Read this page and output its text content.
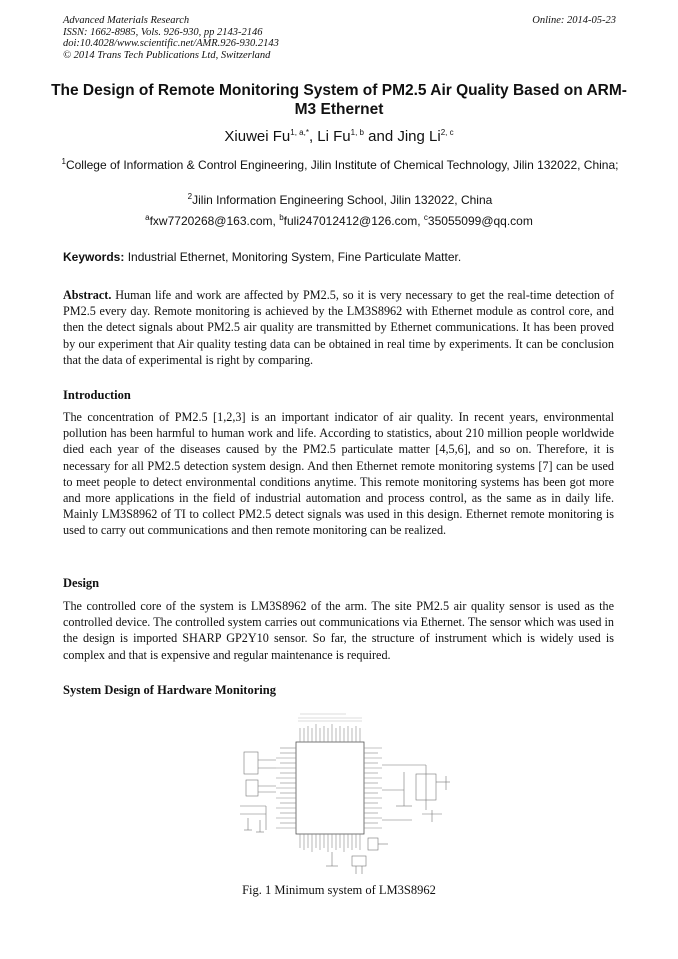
Advanced Materials Research
ISSN: 1662-8985, Vols. 926-930, pp 2143-2146
doi:10.4028/www.scientific.net/AMR.926-930.2143
© 2014 Trans Tech Publications Ltd, Switzerland
Online: 2014-05-23
The Design of Remote Monitoring System of PM2.5 Air Quality Based on ARM-M3 Ethernet
Xiuwei $Fu^{1, a,*}$, Li Fu$^{1, b}$ and Jing Li$^{2, c}$
$^1$College of Information & Control Engineering, Jilin Institute of Chemical Technology, Jilin 132022, China;
$^2$Jilin Information Engineering School, Jilin 132022, China
$^a$fxw7720268@163.com, $^b$fuli247012412@126.com, $^c$35055099@qq.com
Keywords: Industrial Ethernet, Monitoring System, Fine Particulate Matter.
Abstract. Human life and work are affected by PM2.5, so it is very necessary to get the real-time detection of PM2.5 every day. Remote monitoring is achieved by the LM3S8962 with Ethernet module as control core, and then the detect signals about PM2.5 air quality are transmitted by Ethernet communications. It has been proved by our experiment that Air quality testing data can be obtained in real time by experiments. It can be conclusion that the data of experimental is right by comparing.
Introduction
The concentration of PM2.5 [1,2,3] is an important indicator of air quality. In recent years, environmental pollution has been harmful to human work and life. According to statistics, about 210 million people worldwide died each year of the diseases caused by the PM2.5 particulate matter [4,5,6], and so on. Therefore, it is necessary for all PM2.5 detection system design. And then Ethernet remote monitoring systems [7] can be used to meet people to detect environmental conditions anytime. This remote monitoring systems has been got more and more applications in the field of industrial automation and process control, as the same as in daily life. Mainly LM3S8962 of TI to collect PM2.5 detect signals was used in this design. Ethernet remote monitoring is used to carry out communications and then remote monitoring can be realized.
Design
The controlled core of the system is LM3S8962 of the arm. The site PM2.5 air quality sensor is used as the controlled device. The controlled system carries out communications via Ethernet. The sensor which was used in the design is imported SHARP GP2Y10 sensor. So far, the structure of instrument which is widely used is complex and that is expensive and regular maintenance is required.
System Design of Hardware Monitoring
Fig. 1 Minimum system of LM3S8962
